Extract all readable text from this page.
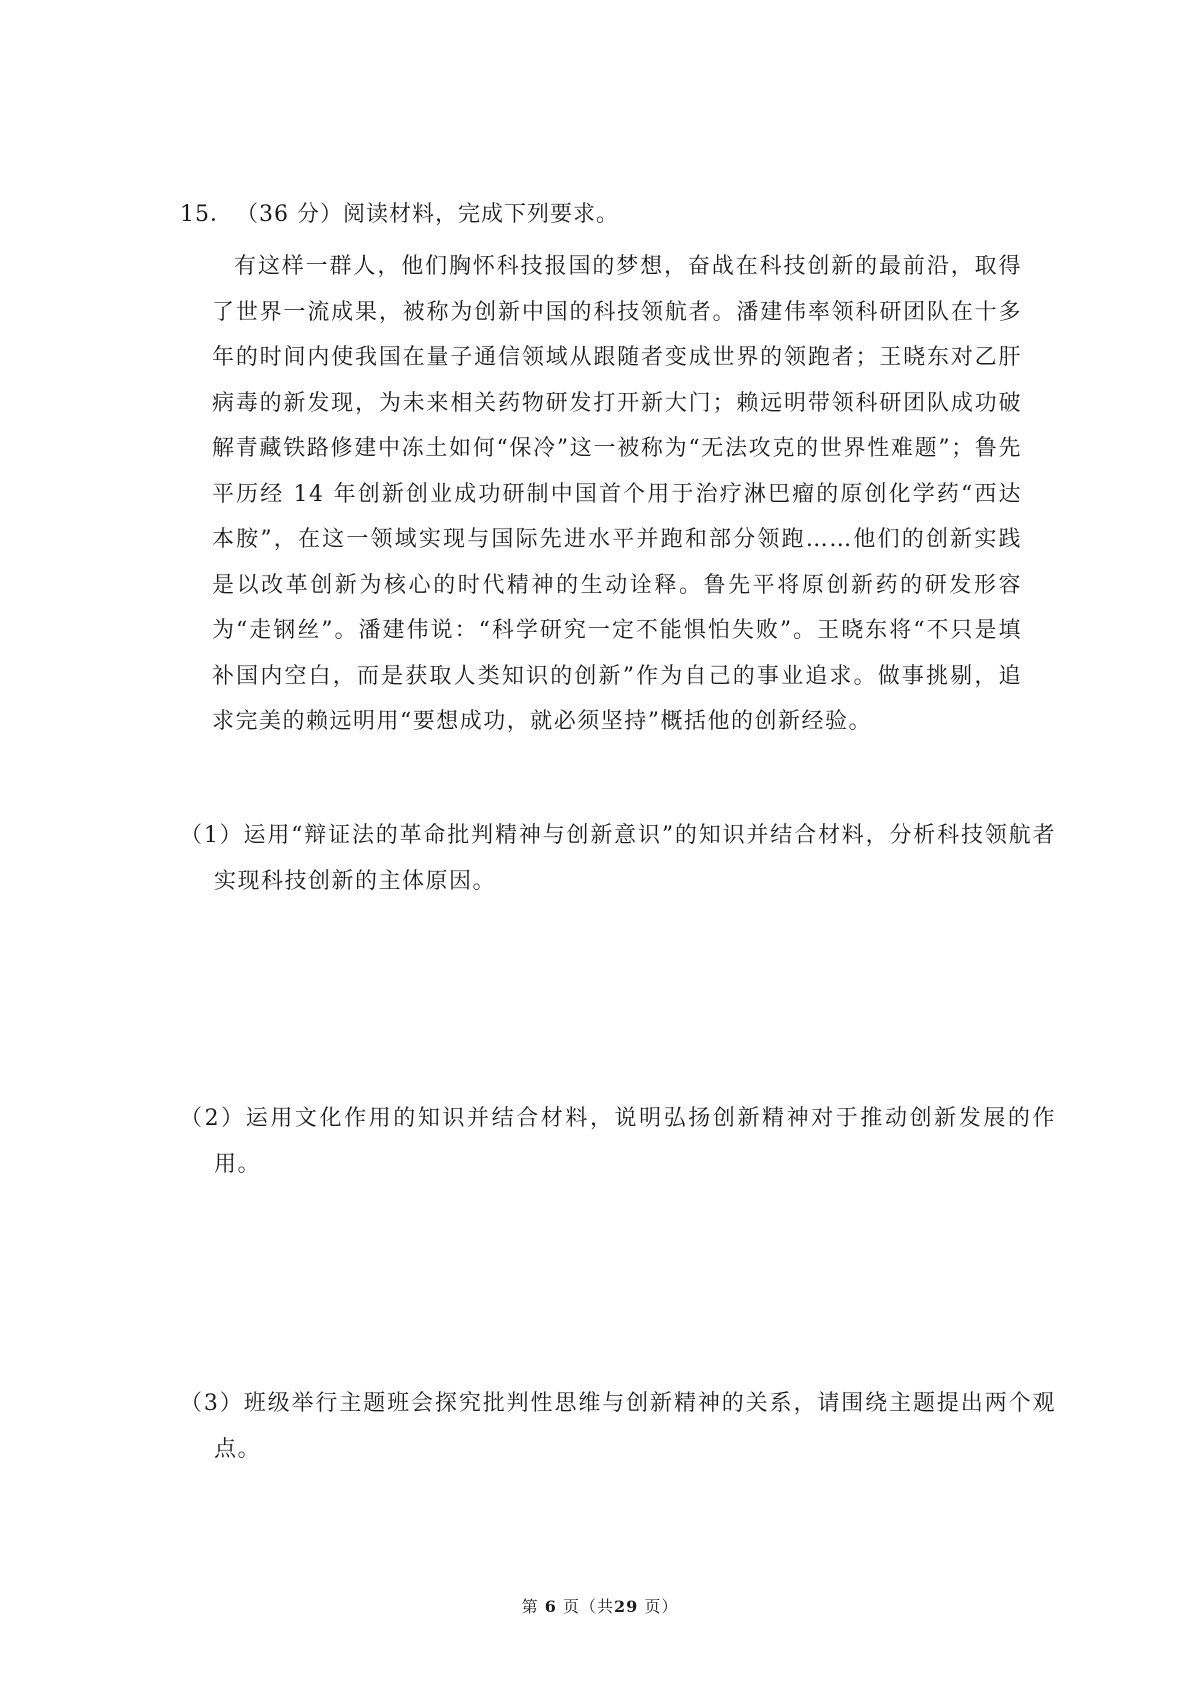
15． （36 分）阅读材料，完成下列要求。

有这样一群人，他们胸怀科技报国的梦想，奋战在科技创新的最前沿，取得了世界一流成果，被称为创新中国的科技领航者。潘建伟率领科研团队在十多年的时间内使我国在量子通信领域从跟随者变成世界的领跑者；王晓东对乙肝病毒的新发现，为未来相关药物研发打开新大门；赖远明带领科研团队成功破解青藏铁路修建中冻土如何“保冷”这一被称为“无法攻克的世界性难题”；鲁先平历经 14 年创新创业成功研制中国首个用于治疗淋巴瘤的原创化学药“西达本胺”，在这一领域实现与国际先进水平并跑和部分领跑……他们的创新实践是以改革创新为核心的时代精神的生动诠释。鲁先平将原创新药的研发形容为“走钢丝”。潘建伟说：“科学研究一定不能惧怕失败”。王晓东将“不只是填补国内空白，而是获取人类知识的创新”作为自己的事业追求。做事挑剔，追求完美的赖远明用“要想成功，就必须坚持”概括他的创新经验。

（1）运用“辩证法的革命批判精神与创新意识”的知识并结合材料，分析科技领航者实现科技创新的主体原因。

（2）运用文化作用的知识并结合材料，说明弘扬创新精神对于推动创新发展的作用。

（3）班级举行主题班会探究批判性思维与创新精神的关系，请围绕主题提出两个观点。

第 6 页（共29 页）
